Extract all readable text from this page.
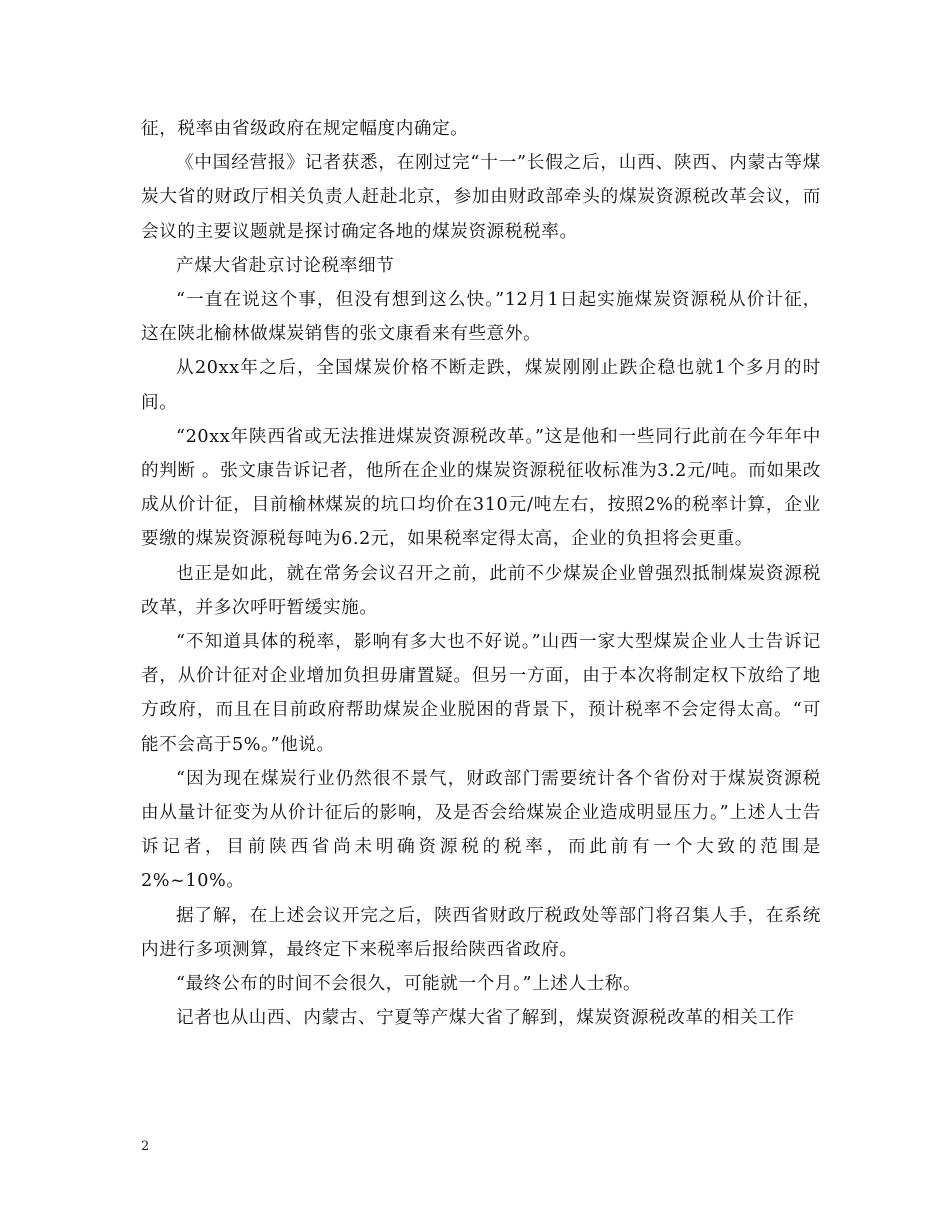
征，税率由省级政府在规定幅度内确定。

《中国经营报》记者获悉，在刚过完“十一”长假之后，山西、陕西、内蒙古等煤炭大省的财政厅相关负责人赶赴北京，参加由财政部牵头的煤炭资源税改革会议，而会议的主要议题就是探讨确定各地的煤炭资源税税率。

产煤大省赴京讨论税率细节

“一直在说这个事，但没有想到这么快。”12月1日起实施煤炭资源税从价计征，这在陕北榆林做煤炭销售的张文康看来有些意外。

从20xx年之后，全国煤炭价格不断走跌，煤炭刚刚止跌企稳也就1个多月的时间。

“20xx年陕西省或无法推进煤炭资源税改革。”这是他和一些同行此前在今年年中的判断 。张文康告诉记者，他所在企业的煤炭资源税征收标准为3.2元/吨。而如果改成从价计征，目前榆林煤炭的坑口均价在310元/吨左右，按照2%的税率计算，企业要缴的煤炭资源税每吨为6.2元，如果税率定得太高，企业的负担将会更重。

也正是如此，就在常务会议召开之前，此前不少煤炭企业曾强烈抵制煤炭资源税改革，并多次呼吁暂缓实施。

“不知道具体的税率，影响有多大也不好说。”山西一家大型煤炭企业人士告诉记者，从价计征对企业增加负担毋庸置疑。但另一方面，由于本次将制定权下放给了地方政府，而且在目前政府帮助煤炭企业脱困的背景下，预计税率不会定得太高。“可能不会高于5%。”他说。

“因为现在煤炭行业仍然很不景气，财政部门需要统计各个省份对于煤炭资源税由从量计征变为从价计征后的影响，及是否会给煤炭企业造成明显压力。”上述人士告诉记者，目前陕西省尚未明确资源税的税率，而此前有一个大致的范围是2%~10%。

据了解，在上述会议开完之后，陕西省财政厅税政处等部门将召集人手，在系统内进行多项测算，最终定下来税率后报给陕西省政府。

“最终公布的时间不会很久，可能就一个月。”上述人士称。

记者也从山西、内蒙古、宁夏等产煤大省了解到，煤炭资源税改革的相关工作

2
